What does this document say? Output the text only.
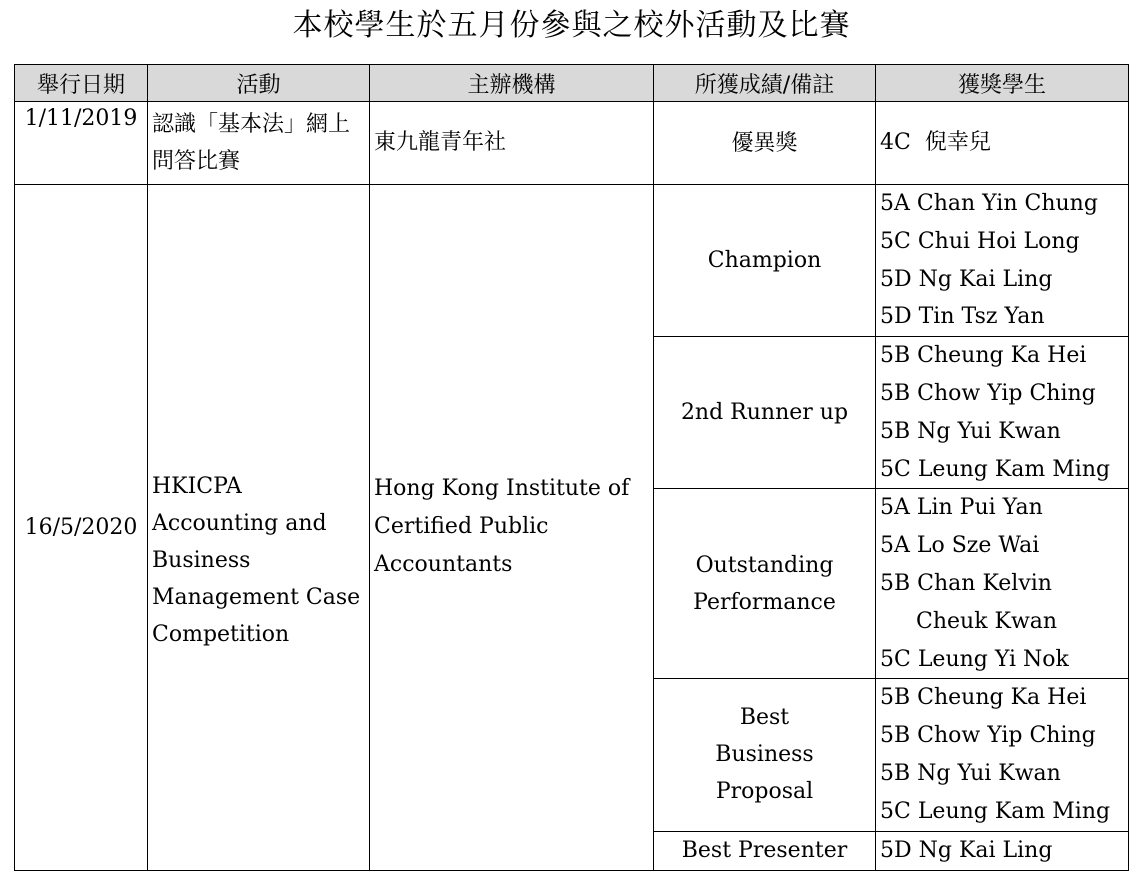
本校學生於五月份參與之校外活動及比賽
舉行日期	活動	主辦機構	所獲成績/備註	獲獎學生
1/11/2019	認識「基本法」網上問答比賽	東九龍青年社	優異獎	4C  倪幸兒

16/5/2020	HKICPA Accounting and Business Management Case Competition	Hong Kong Institute of Certified Public Accountants	Champion	5A Chan Yin Chung
5C Chui Hoi Long
5D Ng Kai Ling
5D Tin Tsz Yan

			2nd Runner up	5B Cheung Ka Hei
5B Chow Yip Ching
5B Ng Yui Kwan
5C Leung Kam Ming

			Outstanding Performance	5A Lin Pui Yan
5A Lo Sze Wai
5B Chan Kelvin Cheuk Kwan
5C Leung Yi Nok

			Best Business Proposal	5B Cheung Ka Hei
5B Chow Yip Ching
5B Ng Yui Kwan
5C Leung Kam Ming

			Best Presenter	5D Ng Kai Ling
